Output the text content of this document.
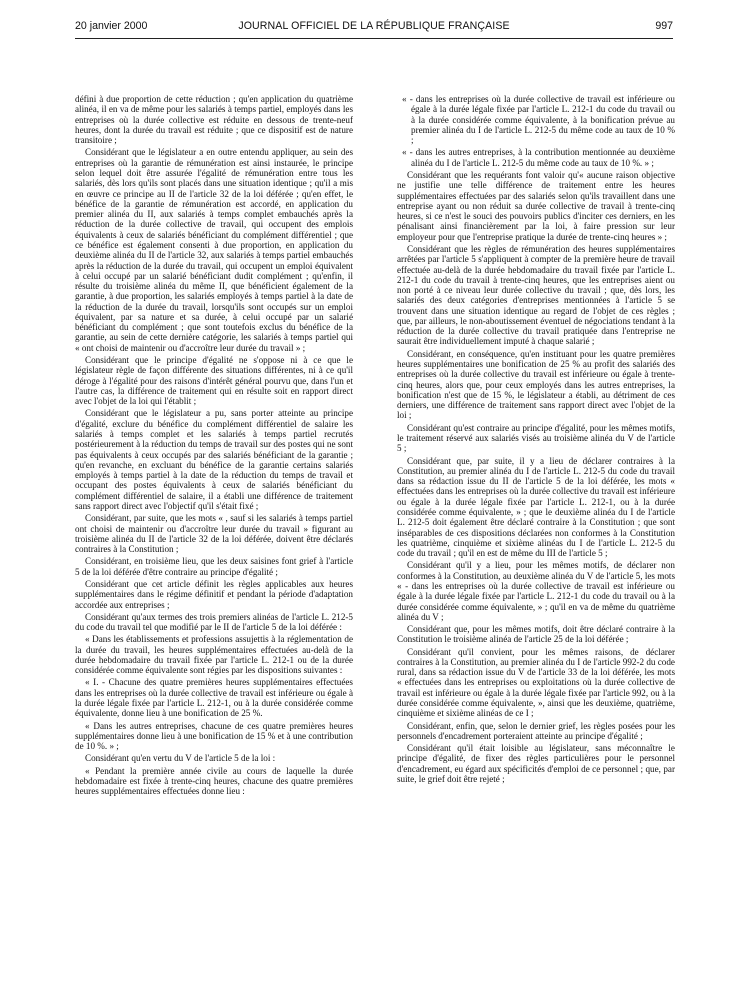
20 janvier 2000	JOURNAL OFFICIEL DE LA RÉPUBLIQUE FRANÇAISE	997

défini à due proportion de cette réduction ; qu'en application du quatrième alinéa, il en va de même pour les salariés à temps partiel, employés dans les entreprises où la durée collective est réduite en dessous de trente-neuf heures, dont la durée du travail est réduite ; que ce dispositif est de nature transitoire ;

Considérant que le législateur a en outre entendu appliquer, au sein des entreprises où la garantie de rémunération est ainsi instaurée, le principe selon lequel doit être assurée l'égalité de rémunération entre tous les salariés, dès lors qu'ils sont placés dans une situation identique ; qu'il a mis en œuvre ce principe au II de l'article 32 de la loi déférée ; qu'en effet, le bénéfice de la garantie de rémunération est accordé, en application du premier alinéa du II, aux salariés à temps complet embauchés après la réduction de la durée collective de travail, qui occupent des emplois équivalents à ceux de salariés bénéficiant du complément différentiel ; que ce bénéfice est également consenti à due proportion, en application du deuxième alinéa du II de l'article 32, aux salariés à temps partiel embauchés après la réduction de la durée du travail, qui occupent un emploi équivalent à celui occupé par un salarié bénéficiant dudit complément ; qu'enfin, il résulte du troisième alinéa du même II, que bénéficient également de la garantie, à due proportion, les salariés employés à temps partiel à la date de la réduction de la durée du travail, lorsqu'ils sont occupés sur un emploi équivalent, par sa nature et sa durée, à celui occupé par un salarié bénéficiant du complément ; que sont toutefois exclus du bénéfice de la garantie, au sein de cette dernière catégorie, les salariés à temps partiel qui « ont choisi de maintenir ou d'accroître leur durée du travail » ;

Considérant que le principe d'égalité ne s'oppose ni à ce que le législateur règle de façon différente des situations différentes, ni à ce qu'il déroge à l'égalité pour des raisons d'intérêt général pourvu que, dans l'un et l'autre cas, la différence de traitement qui en résulte soit en rapport direct avec l'objet de la loi qui l'établit ;

Considérant que le législateur a pu, sans porter atteinte au principe d'égalité, exclure du bénéfice du complément différentiel de salaire les salariés à temps complet et les salariés à temps partiel recrutés postérieurement à la réduction du temps de travail sur des postes qui ne sont pas équivalents à ceux occupés par des salariés bénéficiant de la garantie ; qu'en revanche, en excluant du bénéfice de la garantie certains salariés employés à temps partiel à la date de la réduction du temps de travail et occupant des postes équivalents à ceux de salariés bénéficiant du complément différentiel de salaire, il a établi une différence de traitement sans rapport direct avec l'objectif qu'il s'était fixé ;

Considérant, par suite, que les mots « , sauf si les salariés à temps partiel ont choisi de maintenir ou d'accroître leur durée du travail » figurant au troisième alinéa du II de l'article 32 de la loi déférée, doivent être déclarés contraires à la Constitution ;

Considérant, en troisième lieu, que les deux saisines font grief à l'article 5 de la loi déférée d'être contraire au principe d'égalité ;

Considérant que cet article définit les règles applicables aux heures supplémentaires dans le régime définitif et pendant la période d'adaptation accordée aux entreprises ;

Considérant qu'aux termes des trois premiers alinéas de l'article L. 212-5 du code du travail tel que modifié par le II de l'article 5 de la loi déférée :

« Dans les établissements et professions assujettis à la réglementation de la durée du travail, les heures supplémentaires effectuées au-delà de la durée hebdomadaire du travail fixée par l'article L. 212-1 ou de la durée considérée comme équivalente sont régies par les dispositions suivantes :

« I. - Chacune des quatre premières heures supplémentaires effectuées dans les entreprises où la durée collective de travail est inférieure ou égale à la durée légale fixée par l'article L. 212-1, ou à la durée considérée comme équivalente, donne lieu à une bonification de 25 %.

« Dans les autres entreprises, chacune de ces quatre premières heures supplémentaires donne lieu à une bonification de 15 % et à une contribution de 10 %. » ;

Considérant qu'en vertu du V de l'article 5 de la loi :

« Pendant la première année civile au cours de laquelle la durée hebdomadaire est fixée à trente-cinq heures, chacune des quatre premières heures supplémentaires effectuées donne lieu :

« - dans les entreprises où la durée collective de travail est inférieure ou égale à la durée légale fixée par l'article L. 212-1 du code du travail ou à la durée considérée comme équivalente, à la bonification prévue au premier alinéa du I de l'article L. 212-5 du même code au taux de 10 % ;

« - dans les autres entreprises, à la contribution mentionnée au deuxième alinéa du I de l'article L. 212-5 du même code au taux de 10 %. » ;

Considérant que les requérants font valoir qu'« aucune raison objective ne justifie une telle différence de traitement entre les heures supplémentaires effectuées par des salariés selon qu'ils travaillent dans une entreprise ayant ou non réduit sa durée collective de travail à trente-cinq heures, si ce n'est le souci des pouvoirs publics d'inciter ces derniers, en les pénalisant ainsi financièrement par la loi, à faire pression sur leur employeur pour que l'entreprise pratique la durée de trente-cinq heures » ;

Considérant que les règles de rémunération des heures supplémentaires arrêtées par l'article 5 s'appliquent à compter de la première heure de travail effectuée au-delà de la durée hebdomadaire du travail fixée par l'article L. 212-1 du code du travail à trente-cinq heures, que les entreprises aient ou non porté à ce niveau leur durée collective du travail ; que, dès lors, les salariés des deux catégories d'entreprises mentionnées à l'article 5 se trouvent dans une situation identique au regard de l'objet de ces règles ; que, par ailleurs, le non-aboutissement éventuel de négociations tendant à la réduction de la durée collective du travail pratiquée dans l'entreprise ne saurait être individuellement imputé à chaque salarié ;

Considérant, en conséquence, qu'en instituant pour les quatre premières heures supplémentaires une bonification de 25 % au profit des salariés des entreprises où la durée collective du travail est inférieure ou égale à trente-cinq heures, alors que, pour ceux employés dans les autres entreprises, la bonification n'est que de 15 %, le législateur a établi, au détriment de ces derniers, une différence de traitement sans rapport direct avec l'objet de la loi ;

Considérant qu'est contraire au principe d'égalité, pour les mêmes motifs, le traitement réservé aux salariés visés au troisième alinéa du V de l'article 5 ;

Considérant que, par suite, il y a lieu de déclarer contraires à la Constitution, au premier alinéa du I de l'article L. 212-5 du code du travail dans sa rédaction issue du II de l'article 5 de la loi déférée, les mots « effectuées dans les entreprises où la durée collective du travail est inférieure ou égale à la durée légale fixée par l'article L. 212-1, ou à la durée considérée comme équivalente, » ; que le deuxième alinéa du I de l'article L. 212-5 doit également être déclaré contraire à la Constitution ; que sont inséparables de ces dispositions déclarées non conformes à la Constitution les quatrième, cinquième et sixième alinéas du I de l'article L. 212-5 du code du travail ; qu'il en est de même du III de l'article 5 ;

Considérant qu'il y a lieu, pour les mêmes motifs, de déclarer non conformes à la Constitution, au deuxième alinéa du V de l'article 5, les mots « - dans les entreprises où la durée collective de travail est inférieure ou égale à la durée légale fixée par l'article L. 212-1 du code du travail ou à la durée considérée comme équivalente, » ; qu'il en va de même du quatrième alinéa du V ;

Considérant que, pour les mêmes motifs, doit être déclaré contraire à la Constitution le troisième alinéa de l'article 25 de la loi déférée ;

Considérant qu'il convient, pour les mêmes raisons, de déclarer contraires à la Constitution, au premier alinéa du I de l'article 992-2 du code rural, dans sa rédaction issue du V de l'article 33 de la loi déférée, les mots « effectuées dans les entreprises ou exploitations où la durée collective de travail est inférieure ou égale à la durée légale fixée par l'article 992, ou à la durée considérée comme équivalente, », ainsi que les deuxième, quatrième, cinquième et sixième alinéas de ce I ;

Considérant, enfin, que, selon le dernier grief, les règles posées pour les personnels d'encadrement porteraient atteinte au principe d'égalité ;

Considérant qu'il était loisible au législateur, sans méconnaître le principe d'égalité, de fixer des règles particulières pour le personnel d'encadrement, eu égard aux spécificités d'emploi de ce personnel ; que, par suite, le grief doit être rejeté ;
